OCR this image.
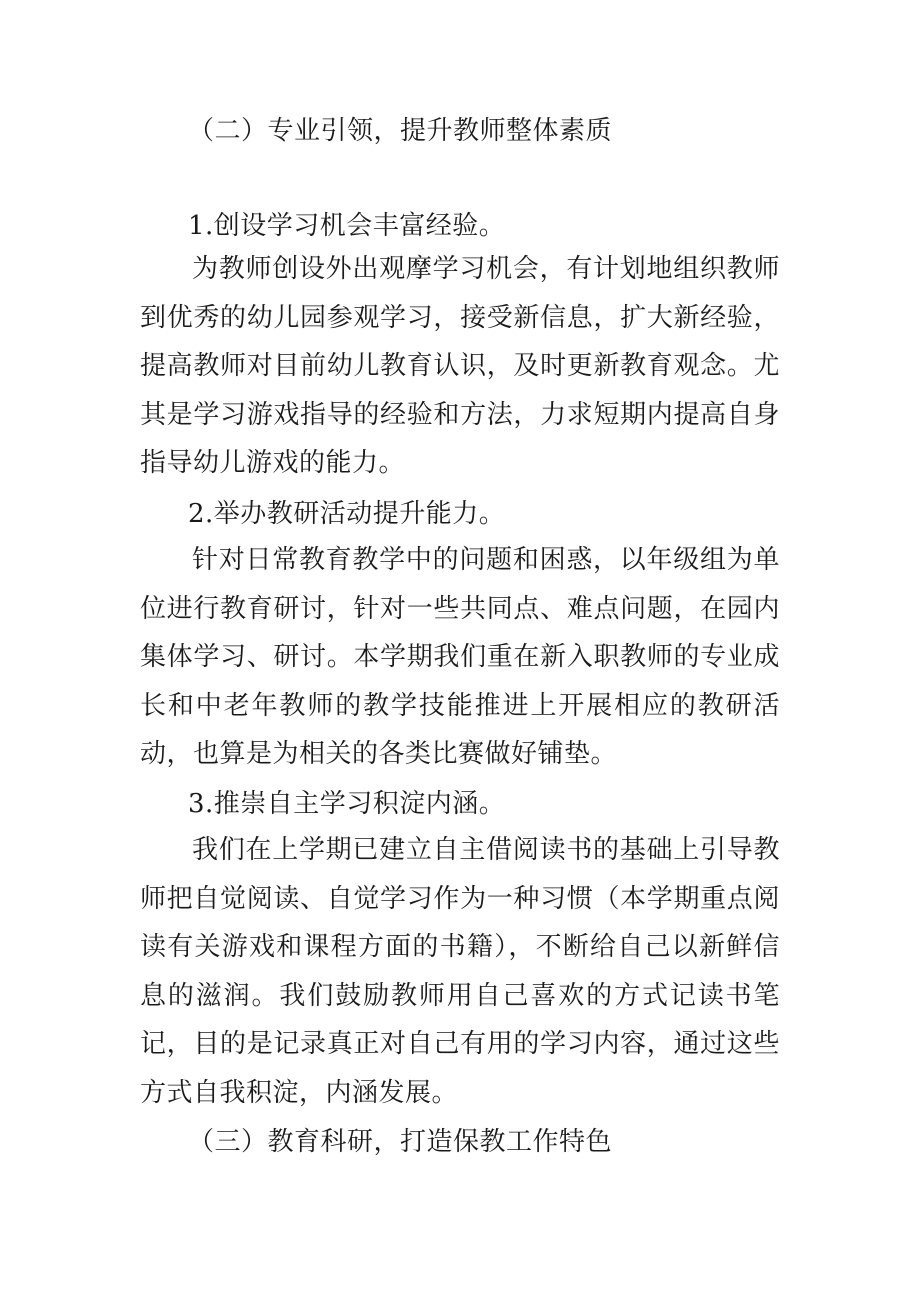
（二）专业引领，提升教师整体素质
1.创设学习机会丰富经验。

为教师创设外出观摩学习机会，有计划地组织教师到优秀的幼儿园参观学习，接受新信息，扩大新经验，提高教师对目前幼儿教育认识，及时更新教育观念。尤其是学习游戏指导的经验和方法，力求短期内提高自身指导幼儿游戏的能力。

2.举办教研活动提升能力。

针对日常教育教学中的问题和困惑，以年级组为单位进行教育研讨，针对一些共同点、难点问题，在园内集体学习、研讨。本学期我们重在新入职教师的专业成长和中老年教师的教学技能推进上开展相应的教研活动，也算是为相关的各类比赛做好铺垫。

3.推崇自主学习积淀内涵。

我们在上学期已建立自主借阅读书的基础上引导教师把自觉阅读、自觉学习作为一种习惯（本学期重点阅读有关游戏和课程方面的书籍），不断给自己以新鲜信息的滋润。我们鼓励教师用自己喜欢的方式记读书笔记，目的是记录真正对自己有用的学习内容，通过这些方式自我积淀，内涵发展。

（三）教育科研，打造保教工作特色
